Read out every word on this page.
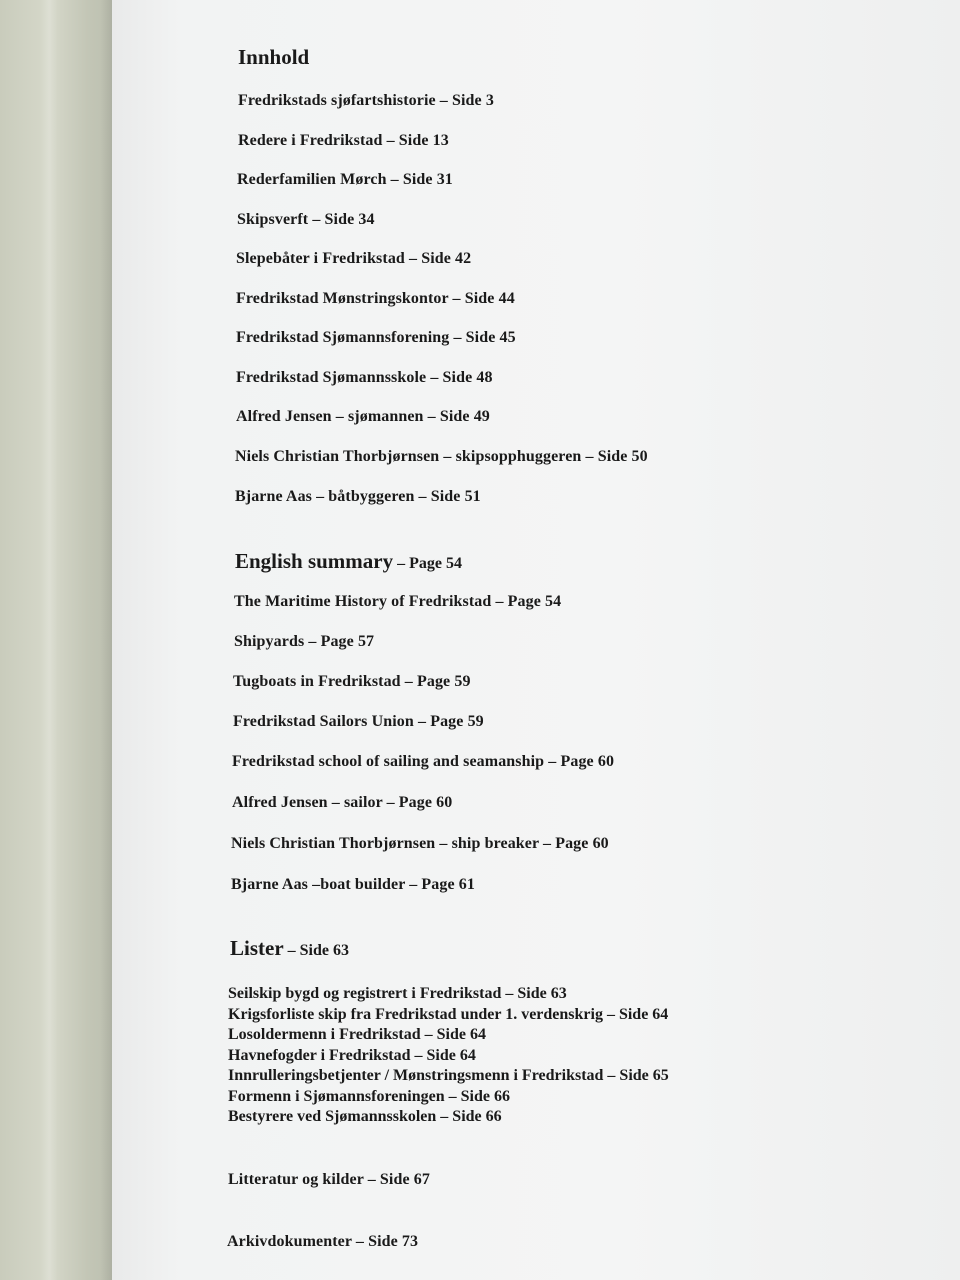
Innhold
Fredrikstads sjøfartshistorie – Side 3
Redere i Fredrikstad – Side 13
Rederfamilien Mørch – Side 31
Skipsverft – Side 34
Slepebåter i Fredrikstad – Side 42
Fredrikstad Mønstringskontor – Side 44
Fredrikstad Sjømannsforening – Side 45
Fredrikstad Sjømannsskole – Side 48
Alfred Jensen – sjømannen – Side 49
Niels Christian Thorbjørnsen – skipsopphuggeren – Side 50
Bjarne Aas – båtbyggeren – Side 51
English summary – Page 54
The Maritime History of Fredrikstad – Page 54
Shipyards – Page 57
Tugboats in Fredrikstad – Page 59
Fredrikstad Sailors Union – Page 59
Fredrikstad school of sailing and seamanship – Page 60
Alfred Jensen – sailor – Page 60
Niels Christian Thorbjørnsen – ship breaker – Page 60
Bjarne Aas –boat builder – Page 61
Lister – Side 63
Seilskip bygd og registrert i Fredrikstad – Side 63
Krigsforliste skip fra Fredrikstad under 1. verdenskrig – Side 64
Losoldermenn i Fredrikstad – Side 64
Havnefogder i Fredrikstad – Side 64
Innrulleringsbetjenter / Mønstringsmenn i Fredrikstad – Side 65
Formenn i Sjømannsforeningen – Side 66
Bestyrere ved Sjømannsskolen – Side 66
Litteratur og kilder – Side 67
Arkivdokumenter – Side 73
